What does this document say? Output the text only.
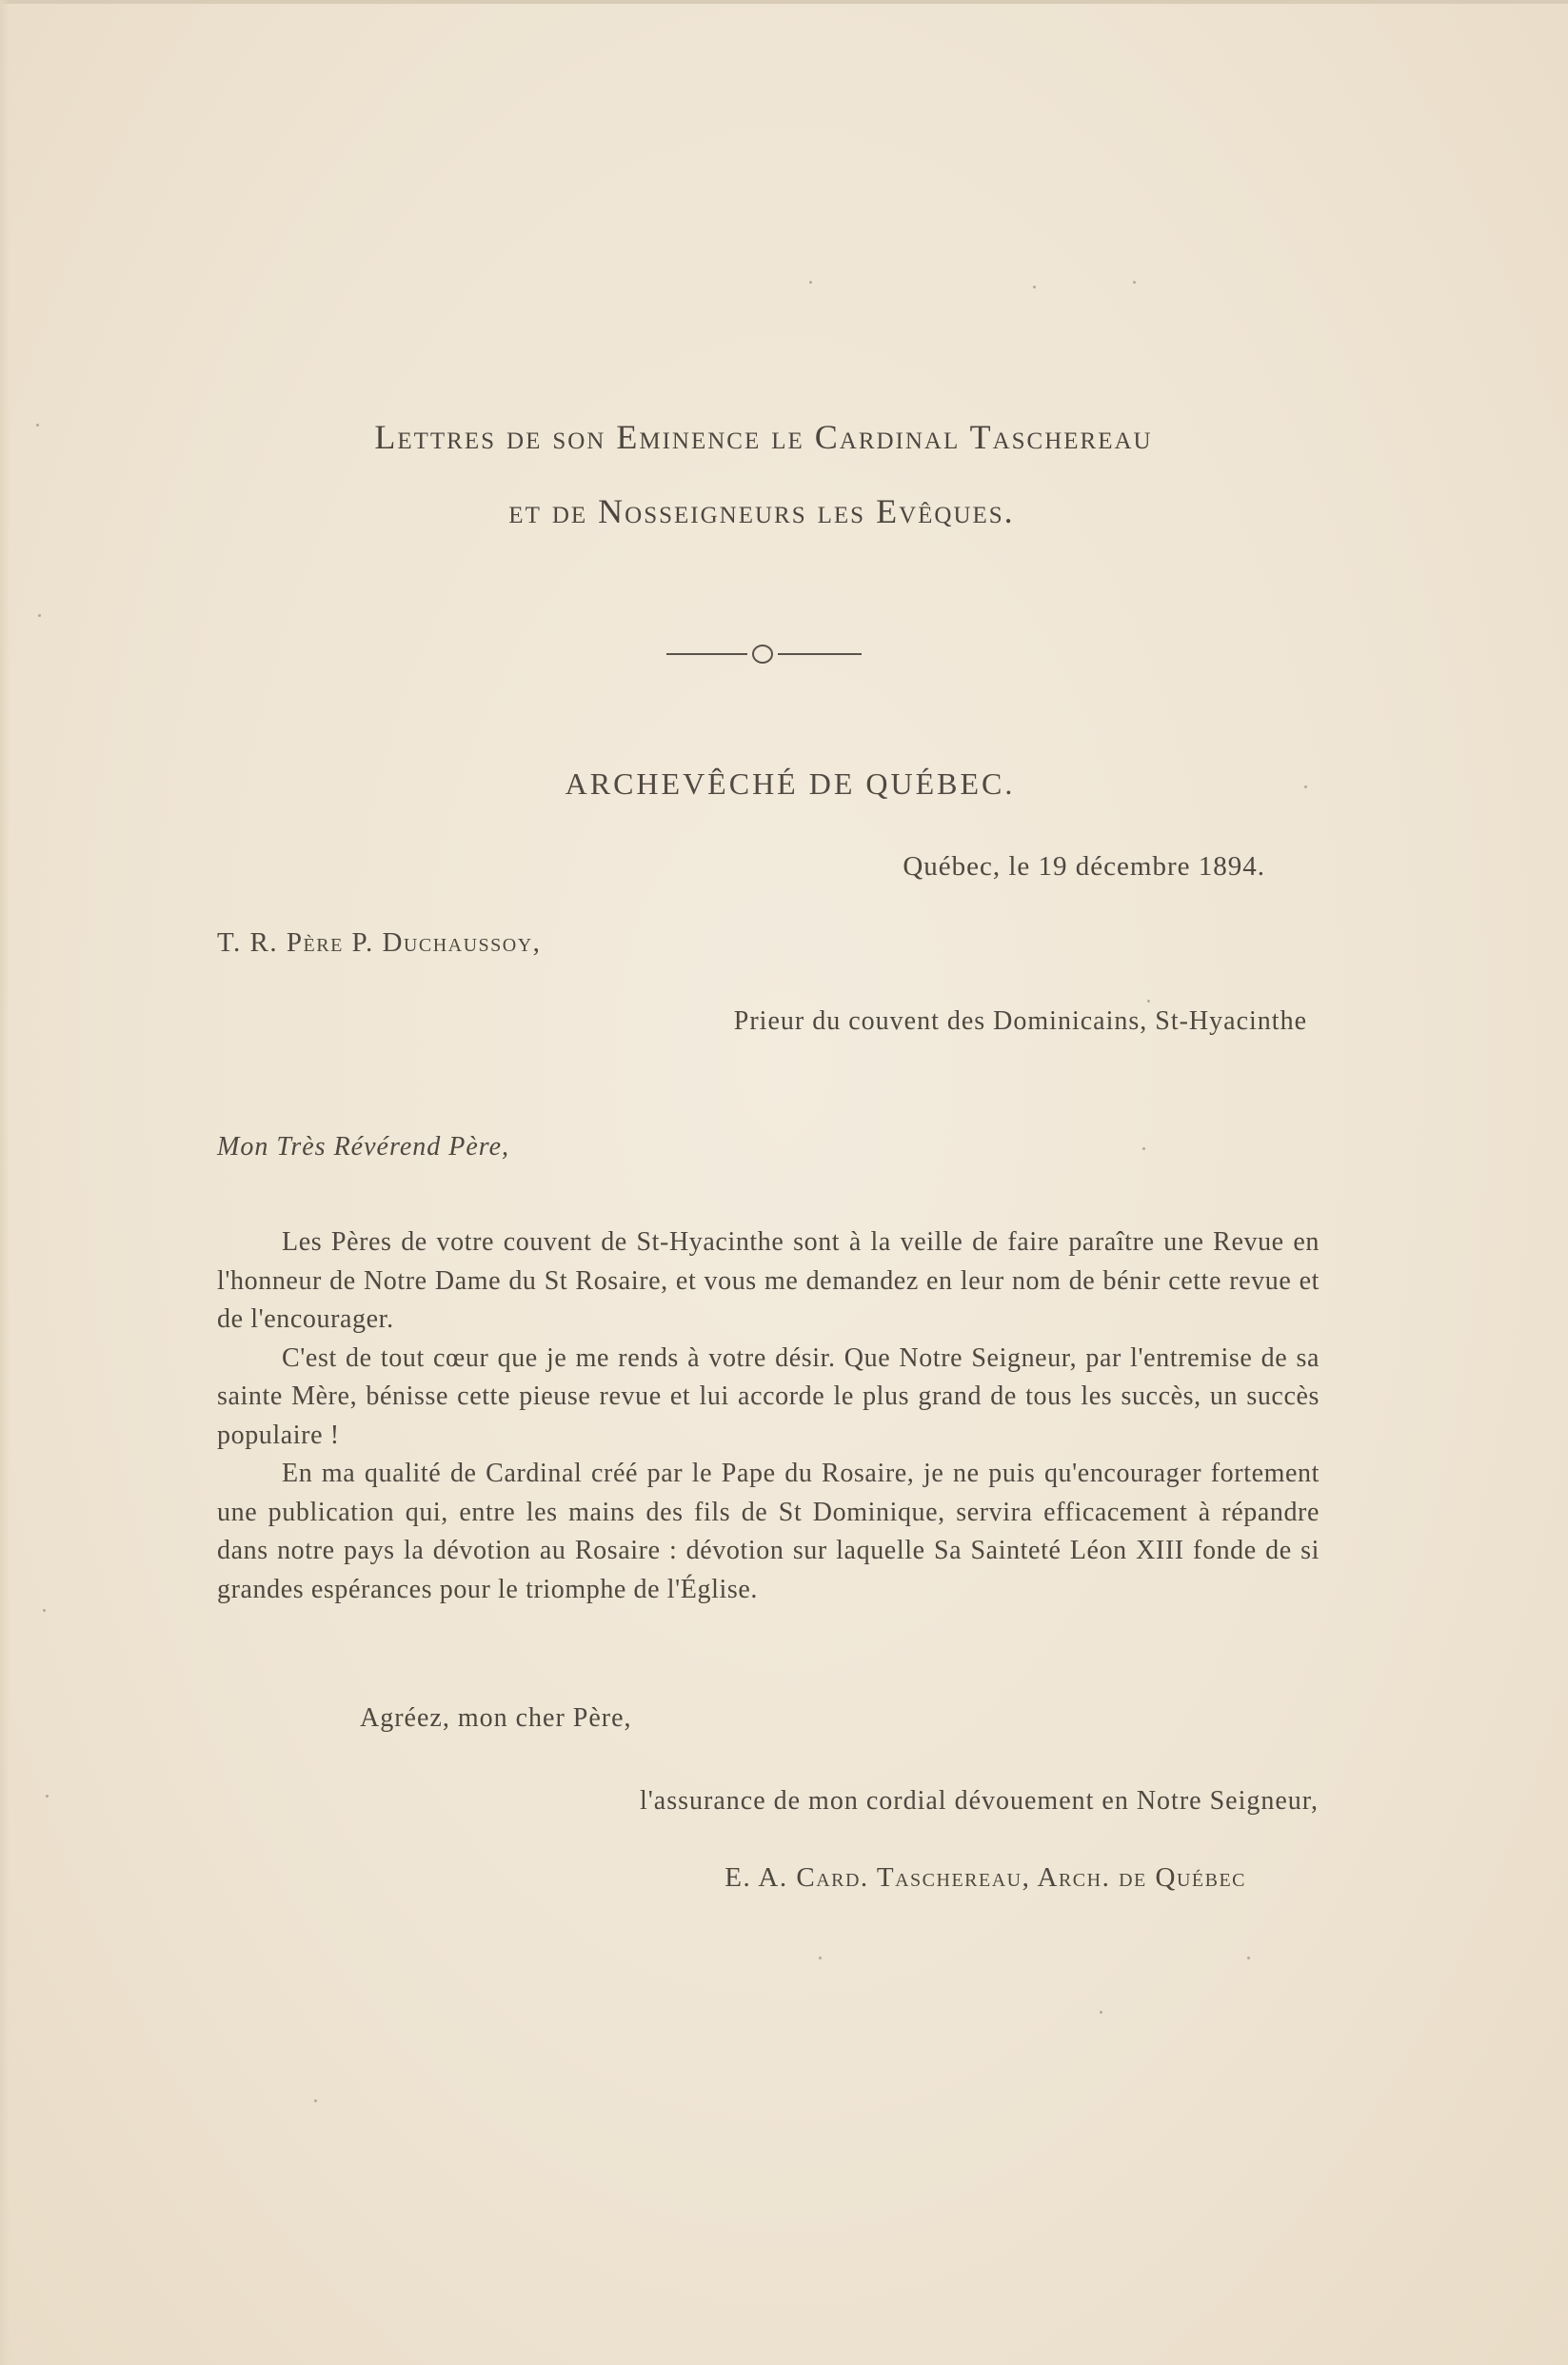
Lettres de son Eminence le Cardinal Taschereau
et de Nosseigneurs les Evêques.
ARCHEVÊCHÉ DE QUÉBEC.
Québec, le 19 décembre 1894.
T. R. Père P. Duchaussoy,
Prieur du couvent des Dominicains, St-Hyacinthe
Mon Très Révérend Père,

Les Pères de votre couvent de St-Hyacinthe sont à la veille de faire paraître une Revue en l'honneur de Notre Dame du St Rosaire, et vous me demandez en leur nom de bénir cette revue et de l'encourager.

C'est de tout cœur que je me rends à votre désir. Que Notre Seigneur, par l'entremise de sa sainte Mère, bénisse cette pieuse revue et lui accorde le plus grand de tous les succès, un succès populaire !

En ma qualité de Cardinal créé par le Pape du Rosaire, je ne puis qu'encourager fortement une publication qui, entre les mains des fils de St Dominique, servira efficacement à répandre dans notre pays la dévotion au Rosaire : dévotion sur laquelle Sa Sainteté Léon XIII fonde de si grandes espérances pour le triomphe de l'Église.

Agréez, mon cher Père,
l'assurance de mon cordial dévouement en Notre Seigneur,
E. A. Card. Taschereau, Arch. de Québec
